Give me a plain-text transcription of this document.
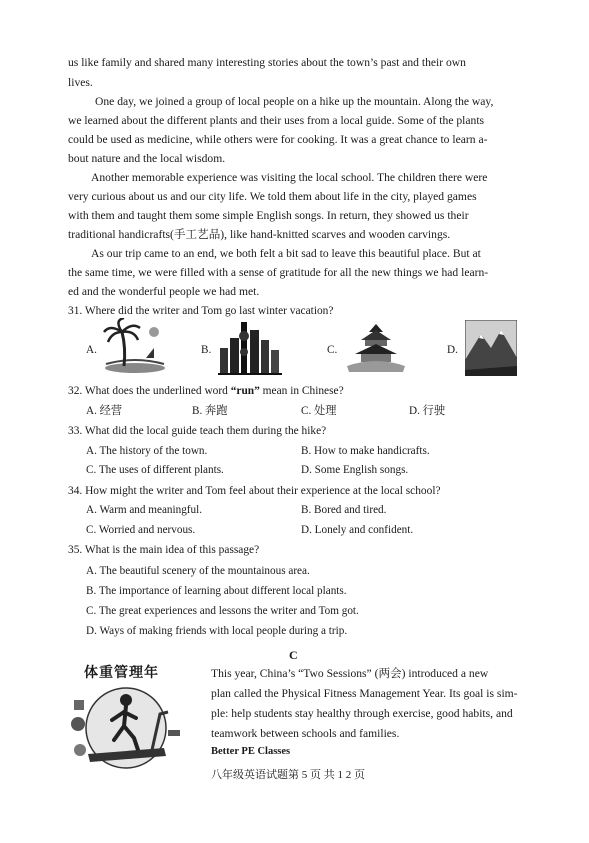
us like family and shared many interesting stories about the town’s past and their own
lives.
One day, we joined a group of local people on a hike up the mountain. Along the way,
we learned about the different plants and their uses from a local guide. Some of the plants
could be used as medicine, while others were for cooking. It was a great chance to learn a-
bout nature and the local wisdom.
Another memorable experience was visiting the local school. The children there were
very curious about us and our city life. We told them about life in the city, played games
with them and taught them some simple English songs. In return, they showed us their
traditional handicrafts(手工艺品), like hand-knitted scarves and wooden carvings.
As our trip came to an end, we both felt a bit sad to leave this beautiful place. But at
the same time, we were filled with a sense of gratitude for all the new things we had learn-
ed and the wonderful people we had met.
31. Where did the writer and Tom go last winter vacation?
A.	B.	C.	D.
32. What does the underlined word “run” mean in Chinese?
A. 经营	B. 奔跑	C. 处理	D. 行驶
33. What did the local guide teach them during the hike?
A. The history of the town.	B. How to make handicrafts.
C. The uses of different plants.	D. Some English songs.
34. How might the writer and Tom feel about their experience at the local school?
A. Warm and meaningful.	B. Bored and tired.
C. Worried and nervous.	D. Lonely and confident.
35. What is the main idea of this passage?
A. The beautiful scenery of the mountainous area.
B. The importance of learning about different local plants.
C. The great experiences and lessons the writer and Tom got.
D. Ways of making friends with local people during a trip.
C
体重管理年	This year, China’s “Two Sessions” (两会) introduced a new
plan called the Physical Fitness Management Year. Its goal is sim-
ple: help students stay healthy through exercise, good habits, and
teamwork between schools and families.
Better PE Classes
八年级英语试题第 5 页 共 1 2 页
